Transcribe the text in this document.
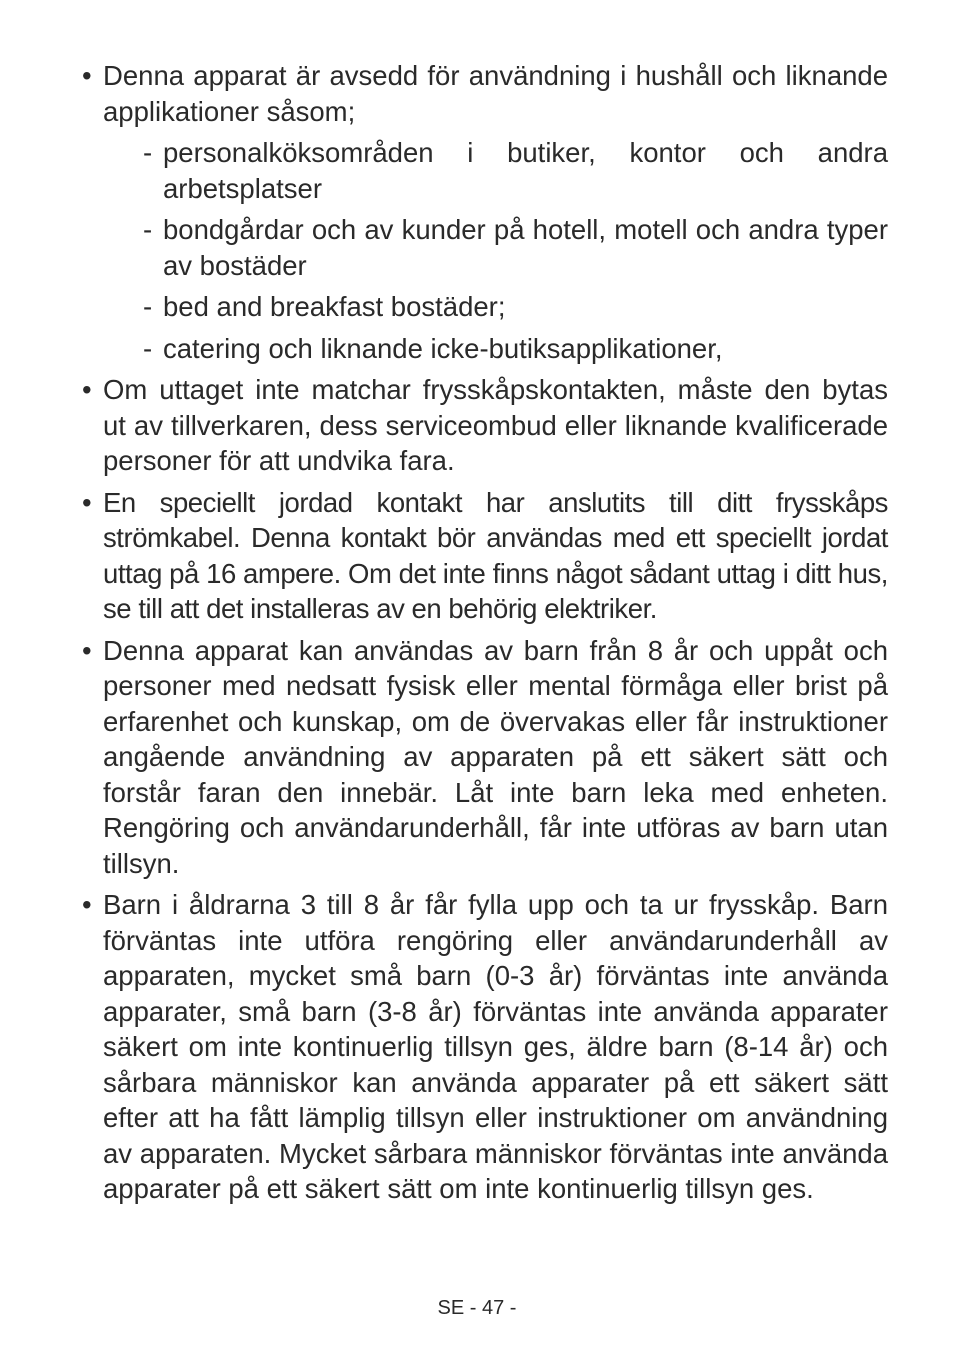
• Denna apparat är avsedd för användning i hushåll och liknande applikationer såsom;
- personalköksområden i butiker, kontor och andra arbetsplatser
- bondgårdar och av kunder på hotell, motell och andra typer av bostäder
- bed and breakfast bostäder;
- catering och liknande icke-butiksapplikationer,
• Om uttaget inte matchar frysskåpskontakten, måste den bytas ut av tillverkaren, dess serviceombud eller liknande kvalificerade personer för att undvika fara.
• En speciellt jordad kontakt har anslutits till ditt frysskåps strömkabel. Denna kontakt bör användas med ett speciellt jordat uttag på 16 ampere. Om det inte finns något sådant uttag i ditt hus, se till att det installeras av en behörig elektriker.
• Denna apparat kan användas av barn från 8 år och uppåt och personer med nedsatt fysisk eller mental förmåga eller brist på erfarenhet och kunskap, om de övervakas eller får instruktioner angående användning av apparaten på ett säkert sätt och forstår faran den innebär. Låt inte barn leka med enheten. Rengöring och användarunderhåll, får inte utföras av barn utan tillsyn.
• Barn i åldrarna 3 till 8 år får fylla upp och ta ur frysskåp. Barn förväntas inte utföra rengöring eller användarunderhåll av apparaten, mycket små barn (0-3 år) förväntas inte använda apparater, små barn (3-8 år) förväntas inte använda apparater säkert om inte kontinuerlig tillsyn ges, äldre barn (8-14 år) och sårbara människor kan använda apparater på ett säkert sätt efter att ha fått lämplig tillsyn eller instruktioner om användning av apparaten. Mycket sårbara människor förväntas inte använda apparater på ett säkert sätt om inte kontinuerlig tillsyn ges.
SE - 47 -
